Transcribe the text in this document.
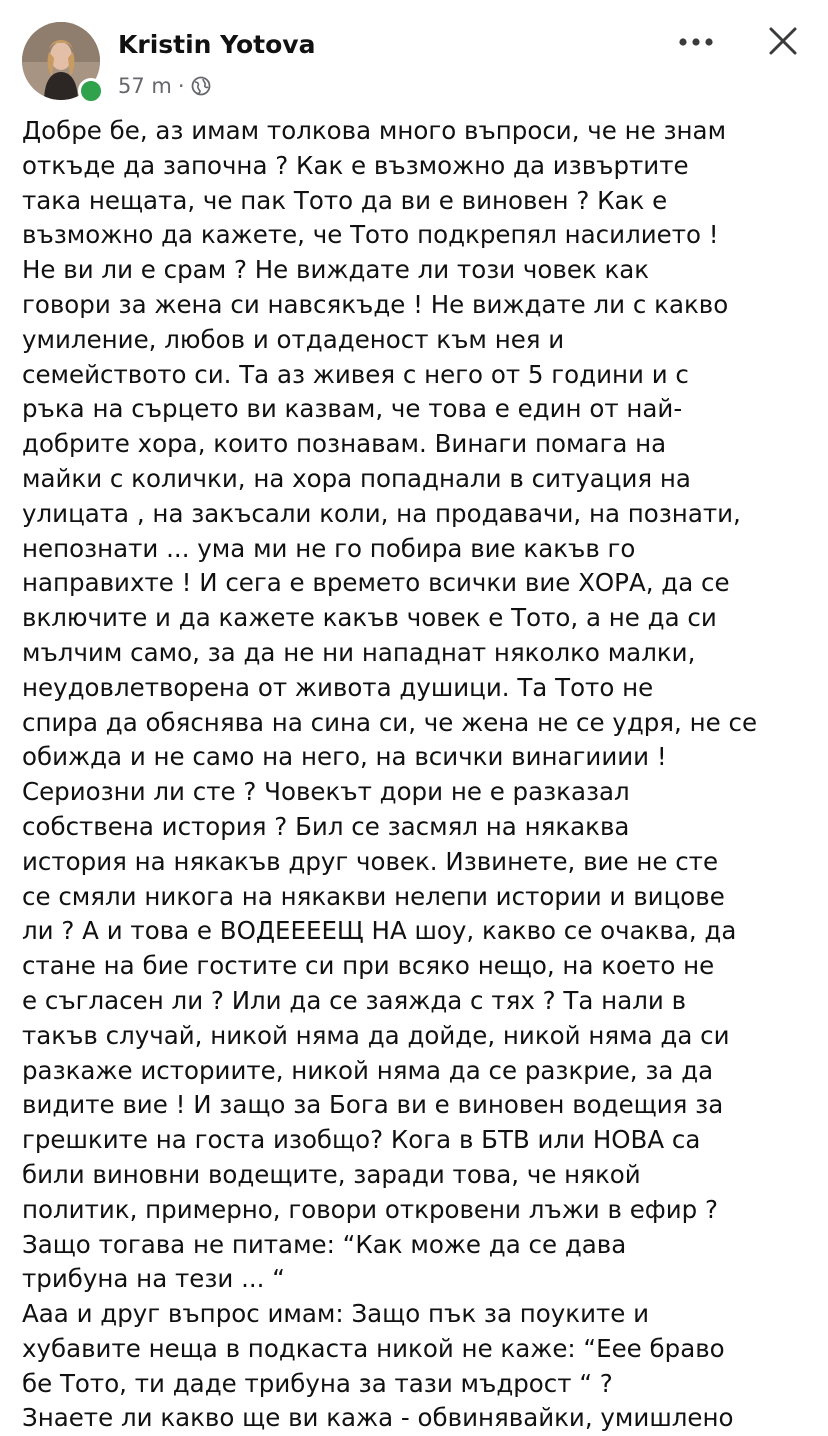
Kristin Yotova
57 m ·
Добре бе, аз имам толкова много въпроси, че не знам
откъде да започна ? Как е възможно да извъртите
така нещата, че пак Тото да ви е виновен ? Как е
възможно да кажете, че Тото подкрепял насилието !
Не ви ли е срам ? Не виждате ли този човек как
говори за жена си навсякъде ! Не виждате ли с какво
умиление, любов и отдаденост към нея и
семейството си. Та аз живея с него от 5 години и с
ръка на сърцето ви казвам, че това е един от най-
добрите хора, които познавам. Винаги помага на
майки с колички, на хора попаднали в ситуация на
улицата , на закъсали коли, на продавачи, на познати,
непознати ... ума ми не го побира вие какъв го
направихте ! И сега е времето всички вие ХОРА, да се
включите и да кажете какъв човек е Тото, а не да си
мълчим само, за да не ни нападнат няколко малки,
неудовлетворена от живота душици. Та Тото не
спира да обяснява на сина си, че жена не се удря, не се
обижда и не само на него, на всички винагииии !
Сериозни ли сте ? Човекът дори не е разказал
собствена история ? Бил се засмял на някаква
история на някакъв друг човек. Извинете, вие не сте
се смяли никога на някакви нелепи истории и вицове
ли ? А и това е ВОДЕЕЕЕЩ НА шоу, какво се очаква, да
стане на бие гостите си при всяко нещо, на което не
е съгласен ли ? Или да се заяжда с тях ? Та нали в
такъв случай, никой няма да дойде, никой няма да си
разкаже историите, никой няма да се разкрие, за да
видите вие ! И защо за Бога ви е виновен водещия за
грешките на госта изобщо? Кога в БТВ или НОВА са
били виновни водещите, заради това, че някой
политик, примерно, говори откровени лъжи в ефир ?
Защо тогава не питаме: “Как може да се дава
трибуна на тези ... “
Ааа и друг въпрос имам: Защо пък за поуките и
хубавите неща в подкаста никой не каже: “Еее браво
бе Тото, ти даде трибуна за тази мъдрост “ ?
Знаете ли какво ще ви кажа - обвинявайки, умишлено
